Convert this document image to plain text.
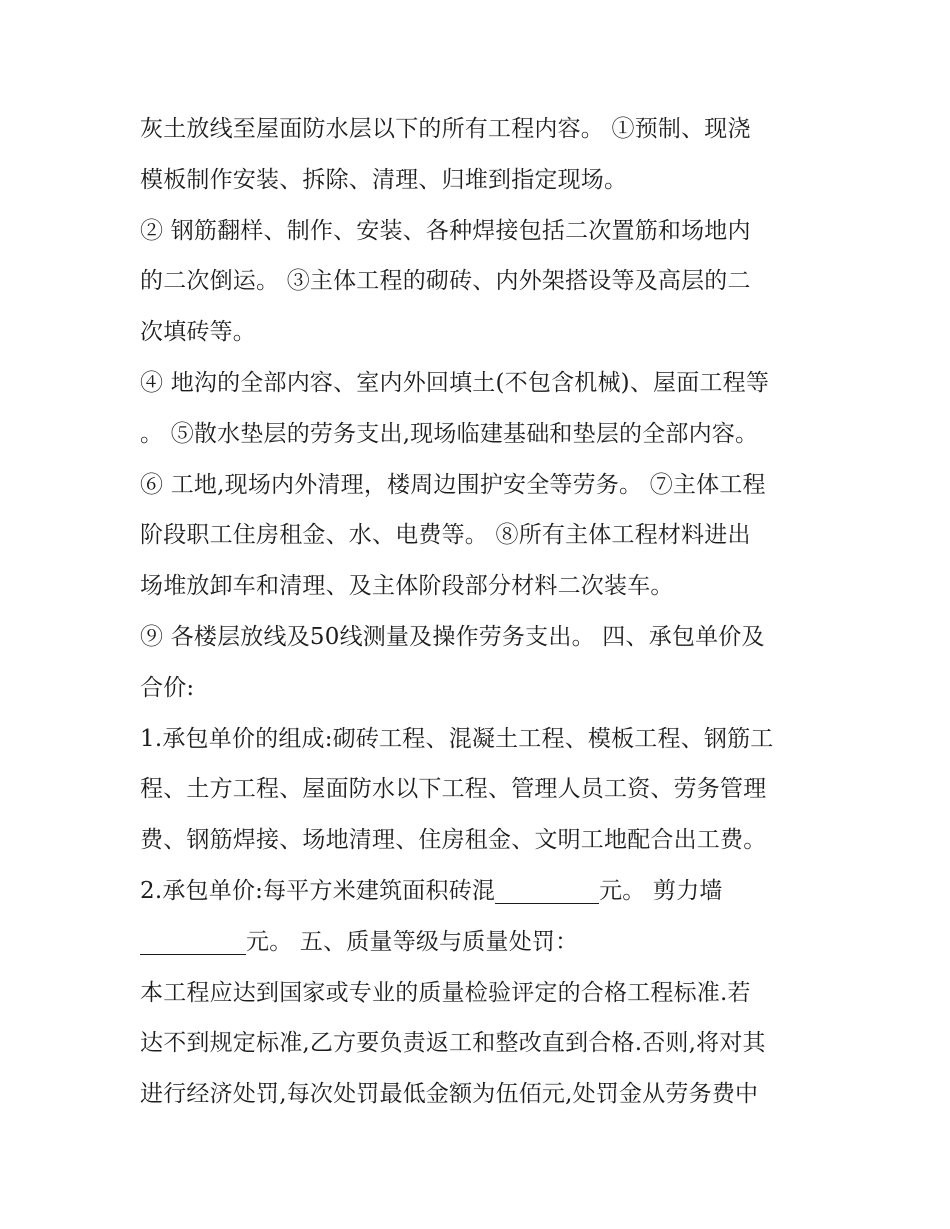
灰土放线至屋面防水层以下的所有工程内容。 ①预制、现浇
模板制作安装、拆除、清理、归堆到指定现场。
② 钢筋翻样、制作、安装、各种焊接包括二次置筋和场地内
的二次倒运。 ③主体工程的砌砖、内外架搭设等及高层的二
次填砖等。
④ 地沟的全部内容、室内外回填土(不包含机械)、屋面工程等
。 ⑤散水垫层的劳务支出,现场临建基础和垫层的全部内容。
⑥ 工地,现场内外清理，楼周边围护安全等劳务。 ⑦主体工程
阶段职工住房租金、水、电费等。 ⑧所有主体工程材料进出
场堆放卸车和清理、及主体阶段部分材料二次装车。
⑨ 各楼层放线及50线测量及操作劳务支出。 四、承包单价及
合价:
1.承包单价的组成:砌砖工程、混凝土工程、模板工程、钢筋工
程、土方工程、屋面防水以下工程、管理人员工资、劳务管理
费、钢筋焊接、场地清理、住房租金、文明工地配合出工费。
2.承包单价:每平方米建筑面积砖混	元。 剪力墙
元。 五、质量等级与质量处罚：
本工程应达到国家或专业的质量检验评定的合格工程标准.若
达不到规定标准,乙方要负责返工和整改直到合格.否则,将对其
进行经济处罚,每次处罚最低金额为伍佰元,处罚金从劳务费中
